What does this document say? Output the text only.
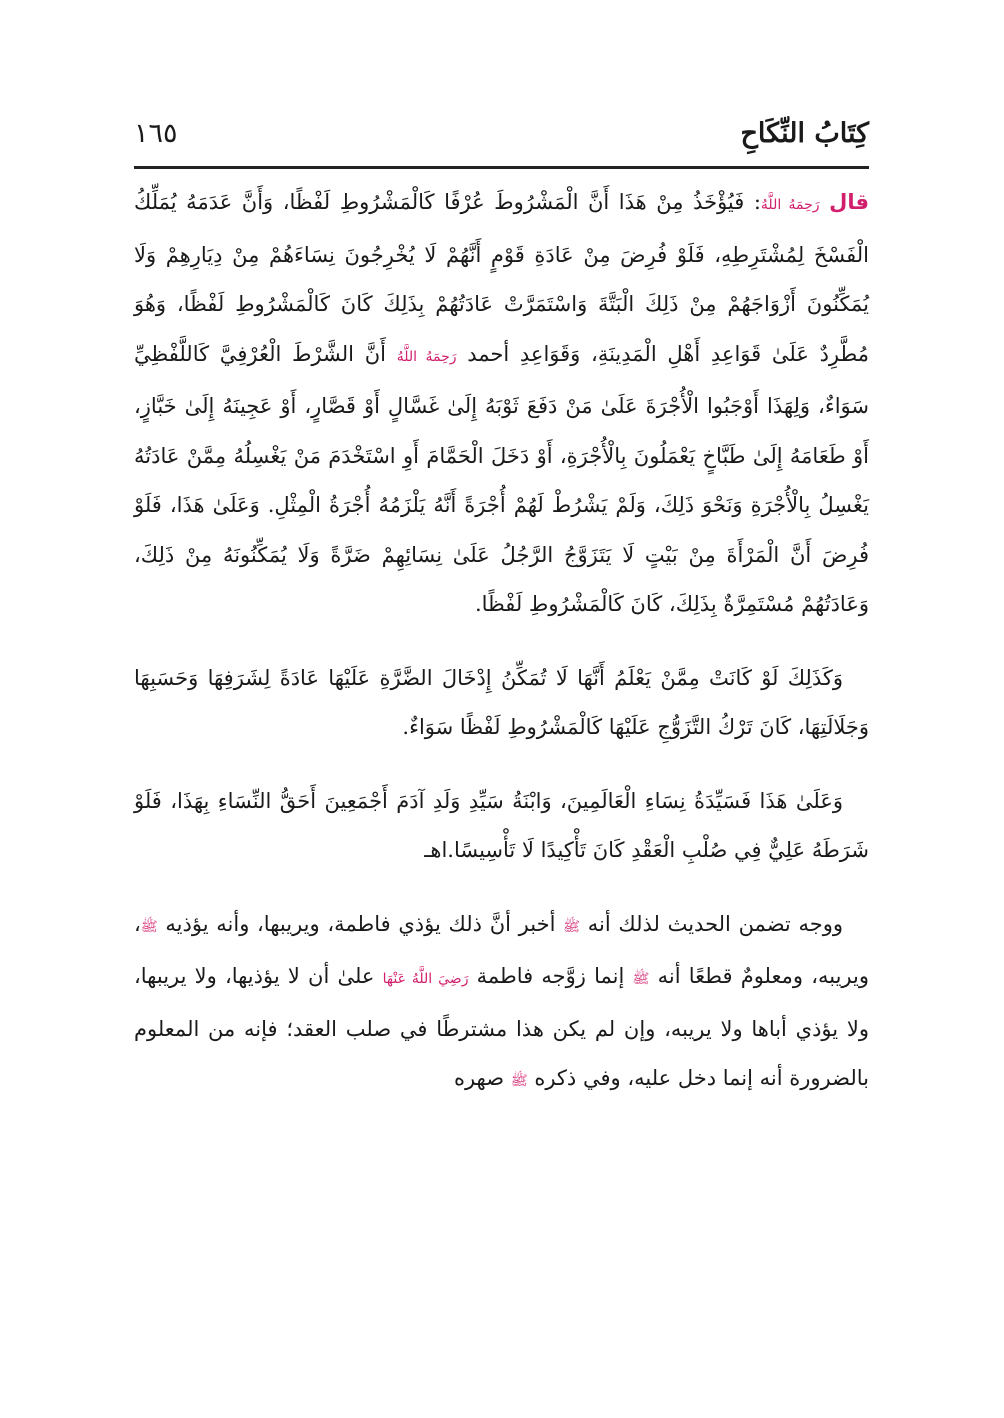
كِتَابُ النِّكَاحِ
١٦٥

قال رَحِمَهُ اللَّهُ: فَيُؤْخَذُ مِنْ هَذَا أَنَّ الْمَشْرُوطَ عُرْفًا كَالْمَشْرُوطِ لَفْظًا، وَأَنَّ عَدَمَهُ يُمَلِّكُ الْفَسْخَ لِمُشْتَرِطِهِ، فَلَوْ فُرِضَ مِنْ عَادَةِ قَوْمٍ أَنَّهُمْ لَا يُخْرِجُونَ نِسَاءَهُمْ مِنْ دِيَارِهِمْ وَلَا يُمَكِّنُونَ أَزْوَاجَهُمْ مِنْ ذَلِكَ الْبَتَّةَ وَاسْتَمَرَّتْ عَادَتُهُمْ بِذَلِكَ كَانَ كَالْمَشْرُوطِ لَفْظًا، وَهُوَ مُطَّرِدٌ عَلَىٰ قَوَاعِدِ أَهْلِ الْمَدِينَةِ، وَقَوَاعِدِ أحمد رَحِمَهُ اللَّهُ أَنَّ الشَّرْطَ الْعُرْفِيَّ كَاللَّفْظِيِّ سَوَاءٌ، وَلِهَذَا أَوْجَبُوا الْأُجْرَةَ عَلَىٰ مَنْ دَفَعَ ثَوْبَهُ إِلَىٰ غَسَّالٍ أَوْ قَصَّارٍ، أَوْ عَجِينَهُ إِلَىٰ خَبَّازٍ، أَوْ طَعَامَهُ إِلَىٰ طَبَّاخٍ يَعْمَلُونَ بِالْأُجْرَةِ، أَوْ دَخَلَ الْحَمَّامَ أَوِ اسْتَخْدَمَ مَنْ يَغْسِلُهُ مِمَّنْ عَادَتُهُ يَغْسِلُ بِالْأُجْرَةِ وَنَحْوَ ذَلِكَ، وَلَمْ يَشْرُطْ لَهُمْ أُجْرَةً أَنَّهُ يَلْزَمُهُ أُجْرَةُ الْمِثْلِ. وَعَلَىٰ هَذَا، فَلَوْ فُرِضَ أَنَّ الْمَرْأَةَ مِنْ بَيْتٍ لَا يَتَزَوَّجُ الرَّجُلُ عَلَىٰ نِسَائِهِمْ ضَرَّةً وَلَا يُمَكِّنُونَهُ مِنْ ذَلِكَ، وَعَادَتُهُمْ مُسْتَمِرَّةٌ بِذَلِكَ، كَانَ كَالْمَشْرُوطِ لَفْظًا.

وَكَذَلِكَ لَوْ كَانَتْ مِمَّنْ يَعْلَمُ أَنَّهَا لَا تُمَكِّنُ إِدْخَالَ الضَّرَّةِ عَلَيْهَا عَادَةً لِشَرَفِهَا وَحَسَبِهَا وَجَلَالَتِهَا، كَانَ تَرْكُ التَّزَوُّجِ عَلَيْهَا كَالْمَشْرُوطِ لَفْظًا سَوَاءٌ.

وَعَلَىٰ هَذَا فَسَيِّدَةُ نِسَاءِ الْعَالَمِينَ، وَابْنَةُ سَيِّدِ وَلَدِ آدَمَ أَجْمَعِينَ أَحَقُّ النِّسَاءِ بِهَذَا، فَلَوْ شَرَطَهُ عَلِيٌّ فِي صُلْبِ الْعَقْدِ كَانَ تَأْكِيدًا لَا تَأْسِيسًا.اهـ

ووجه تضمن الحديث لذلك أنه ﷺ أخبر أنَّ ذلك يؤذي فاطمة، ويريبها، وأنه يؤذيه ﷺ، ويريبه، ومعلومٌ قطعًا أنه ﷺ إنما زوَّجه فاطمة رَضِيَ اللَّهُ عَنْهَا علىٰ أن لا يؤذيها، ولا يريبها، ولا يؤذي أباها ولا يريبه، وإن لم يكن هذا مشترطًا في صلب العقد؛ فإنه من المعلوم بالضرورة أنه إنما دخل عليه، وفي ذكره ﷺ صهره
